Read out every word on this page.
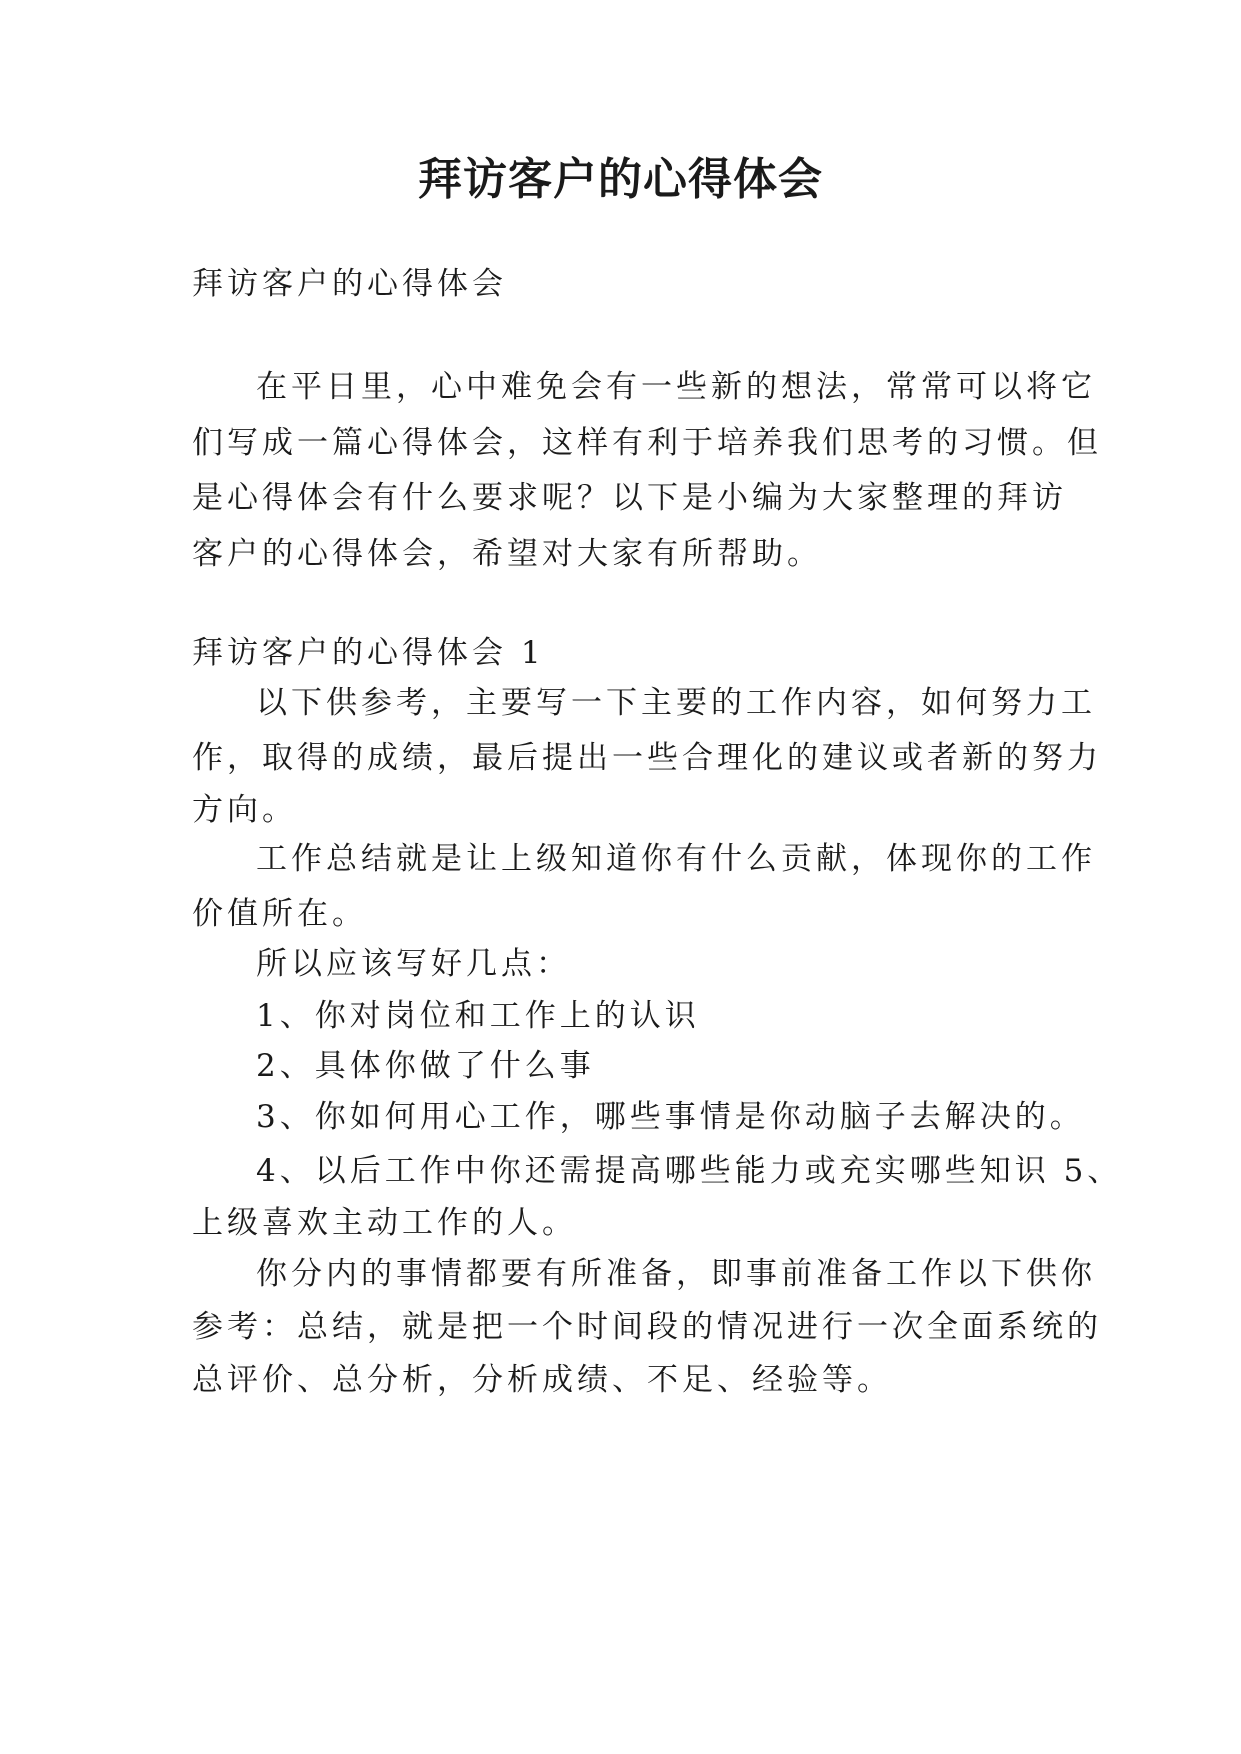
拜访客户的心得体会
拜访客户的心得体会
在平日里，心中难免会有一些新的想法，常常可以将它
们写成一篇心得体会，这样有利于培养我们思考的习惯。但
是心得体会有什么要求呢？以下是小编为大家整理的拜访
客户的心得体会，希望对大家有所帮助。
拜访客户的心得体会 1
以下供参考，主要写一下主要的工作内容，如何努力工
作，取得的成绩，最后提出一些合理化的建议或者新的努力
方向。
工作总结就是让上级知道你有什么贡献，体现你的工作
价值所在。
所以应该写好几点：
1、你对岗位和工作上的认识
2、具体你做了什么事
3、你如何用心工作，哪些事情是你动脑子去解决的。
4、以后工作中你还需提高哪些能力或充实哪些知识 5、
上级喜欢主动工作的人。
你分内的事情都要有所准备，即事前准备工作以下供你
参考：总结，就是把一个时间段的情况进行一次全面系统的
总评价、总分析，分析成绩、不足、经验等。
